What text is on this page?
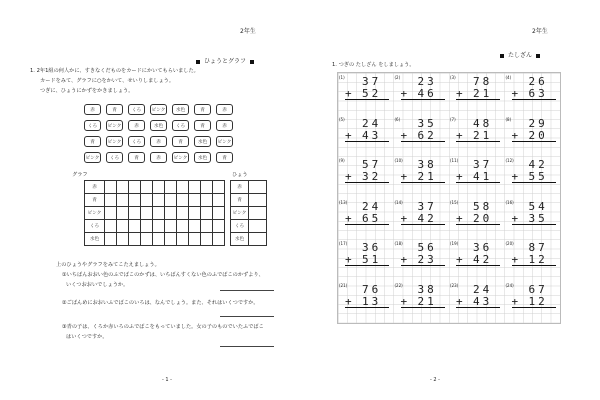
2年生
ひょうとグラフ
1. 2年1組の何人かに、すきなくだものをカードにかいてもらいました。
カードをみて、グラフに○をかいて、せいりしましょう。
つぎに、ひょうにかずをかきましょう。
赤	青	くろ	ピンク	水色	青	赤
くろ	ピンク	赤	水色	くろ	青	赤
青	ピンク	くろ	赤	青	水色	ピンク
ピンク	くろ	青	赤	ピンク	水色	青
グラフ	ひょう
赤										
青										
ピンク										
くろ										
水色										
赤	
青	
ピンク	
くろ	
水色	
上のひょうやグラフをみてこたえましょう。
①いちばんおおい色のふでばこのかずは、いちばんすくない色のふでばこのかずより、
いくつおおいでしょうか。
②ごばんめにおおいふでばこのいろは、なんでしょう。また、それはいくつですか。
③青の子は、くろか赤いろのふでばこをもっていました。女の子のものでいたふでばこ
はいくつですか。
- 1 -
2年生
たしざん
1. つぎの たしざん をしましょう。
(1) 37
+ 52
(2) 23
+ 46
(3) 78
+ 21
(4) 26
+ 63
(5) 24
+ 43
(6) 35
+ 62
(7) 48
+ 21
(8) 29
+ 20
(9) 57
+ 32
(10) 38
+ 21
(11) 37
+ 41
(12) 42
+ 55
(13) 24
+ 65
(14) 37
+ 42
(15) 58
+ 20
(16) 54
+ 35
(17) 36
+ 51
(18) 56
+ 23
(19) 36
+ 42
(20) 87
+ 12
(21) 76
+ 13
(22) 38
+ 21
(23) 24
+ 43
(24) 67
+ 12
- 2 -
